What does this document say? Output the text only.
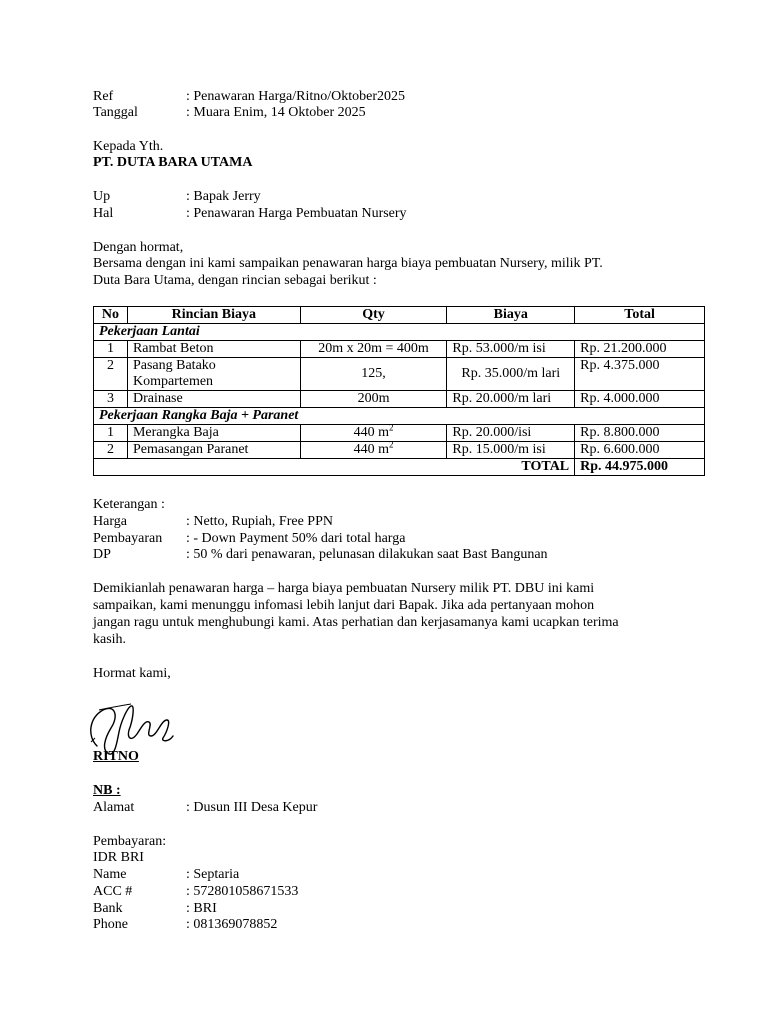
Ref	: Penawaran Harga/Ritno/Oktober2025
Tanggal	: Muara Enim, 14 Oktober 2025
Kepada Yth.
PT. DUTA BARA UTAMA
Up	: Bapak Jerry
Hal	: Penawaran Harga Pembuatan Nursery
Dengan hormat,
Bersama dengan ini kami sampaikan penawaran harga biaya pembuatan Nursery, milik PT.
Duta Bara Utama, dengan rincian sebagai berikut :
No	Rincian Biaya	Qty	Biaya	Total
Pekerjaan Lantai				
1	Rambat Beton	20m x 20m = 400m	Rp. 53.000/m isi	Rp. 21.200.000
2	Pasang Batako
Kompartemen	125,	Rp. 35.000/m lari	Rp. 4.375.000
3	Drainase	200m	Rp. 20.000/m lari	Rp. 4.000.000
Pekerjaan Rangka Baja + Paranet				
1	Merangka Baja	440 $m^2$	Rp. 20.000/isi	Rp. 8.800.000
2	Pemasangan Paranet	440 $m^2$	Rp. 15.000/m isi	Rp. 6.600.000
TOTAL				Rp. 44.975.000
Keterangan :
Harga	: Netto, Rupiah, Free PPN
Pembayaran : - Down Payment 50% dari total harga
DP	: 50 % dari penawaran, pelunasan dilakukan saat Bast Bangunan
Demikianlah penawaran harga – harga biaya pembuatan Nursery milik PT. DBU ini kami
sampaikan, kami menunggu infomasi lebih lanjut dari Bapak. Jika ada pertanyaan mohon
jangan ragu untuk menghubungi kami. Atas perhatian dan kerjasamanya kami ucapkan terima
kasih.
Hormat kami,
RITNO
NB :
Alamat	: Dusun III Desa Kepur
Pembayaran:
IDR BRI
Name	: Septaria
ACC #	: 572801058671533
Bank	: BRI
Phone	: 081369078852
